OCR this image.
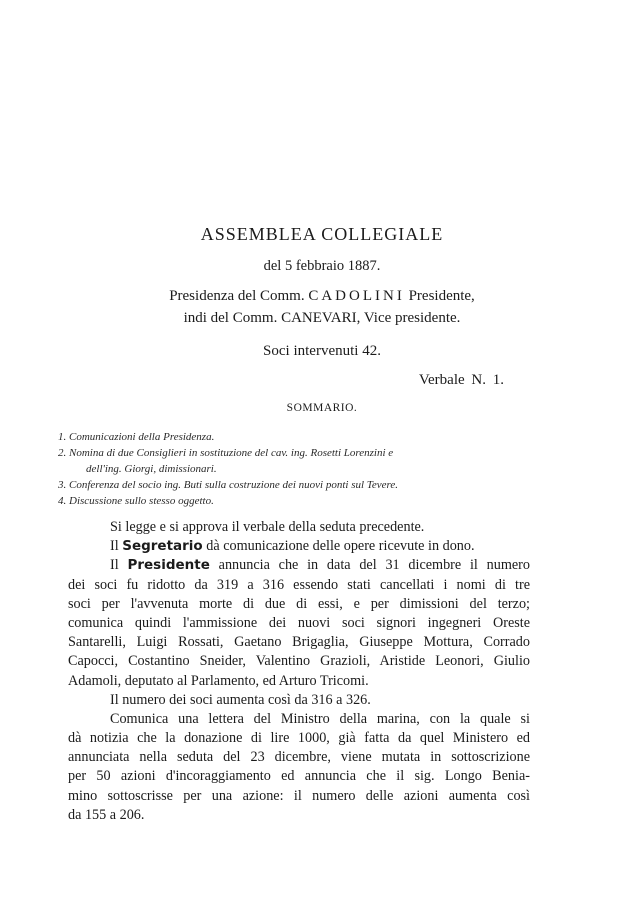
ASSEMBLEA COLLEGIALE
del 5 febbraio 1887.
Presidenza del Comm. CADOLINI Presidente,
indi del Comm. CANEVARI, Vice presidente.
Soci intervenuti 42.
Verbale N. 1.
SOMMARIO.
1. Comunicazioni della Presidenza.
2. Nomina di due Consiglieri in sostituzione del cav. ing. Rosetti Lorenzini e
dell'ing. Giorgi, dimissionari.
3. Conferenza del socio ing. Buti sulla costruzione dei nuovi ponti sul Tevere.
4. Discussione sullo stesso oggetto.
Si legge e si approva il verbale della seduta precedente.
Il Segretario dà comunicazione delle opere ricevute in dono.
Il Presidente annuncia che in data del 31 dicembre il numero
dei soci fu ridotto da 319 a 316 essendo stati cancellati i nomi di tre
soci per l'avvenuta morte di due di essi, e per dimissioni del terzo;
comunica quindi l'ammissione dei nuovi soci signori ingegneri Oreste
Santarelli, Luigi Rossati, Gaetano Brigaglia, Giuseppe Mottura, Corrado
Capocci, Costantino Sneider, Valentino Grazioli, Aristide Leonori, Giulio
Adamoli, deputato al Parlamento, ed Arturo Tricomi.
Il numero dei soci aumenta così da 316 a 326.
Comunica una lettera del Ministro della marina, con la quale si
dà notizia che la donazione di lire 1000, già fatta da quel Ministero ed
annunciata nella seduta del 23 dicembre, viene mutata in sottoscrizione
per 50 azioni d'incoraggiamento ed annuncia che il sig. Longo Benia-
mino sottoscrisse per una azione: il numero delle azioni aumenta così
da 155 a 206.
